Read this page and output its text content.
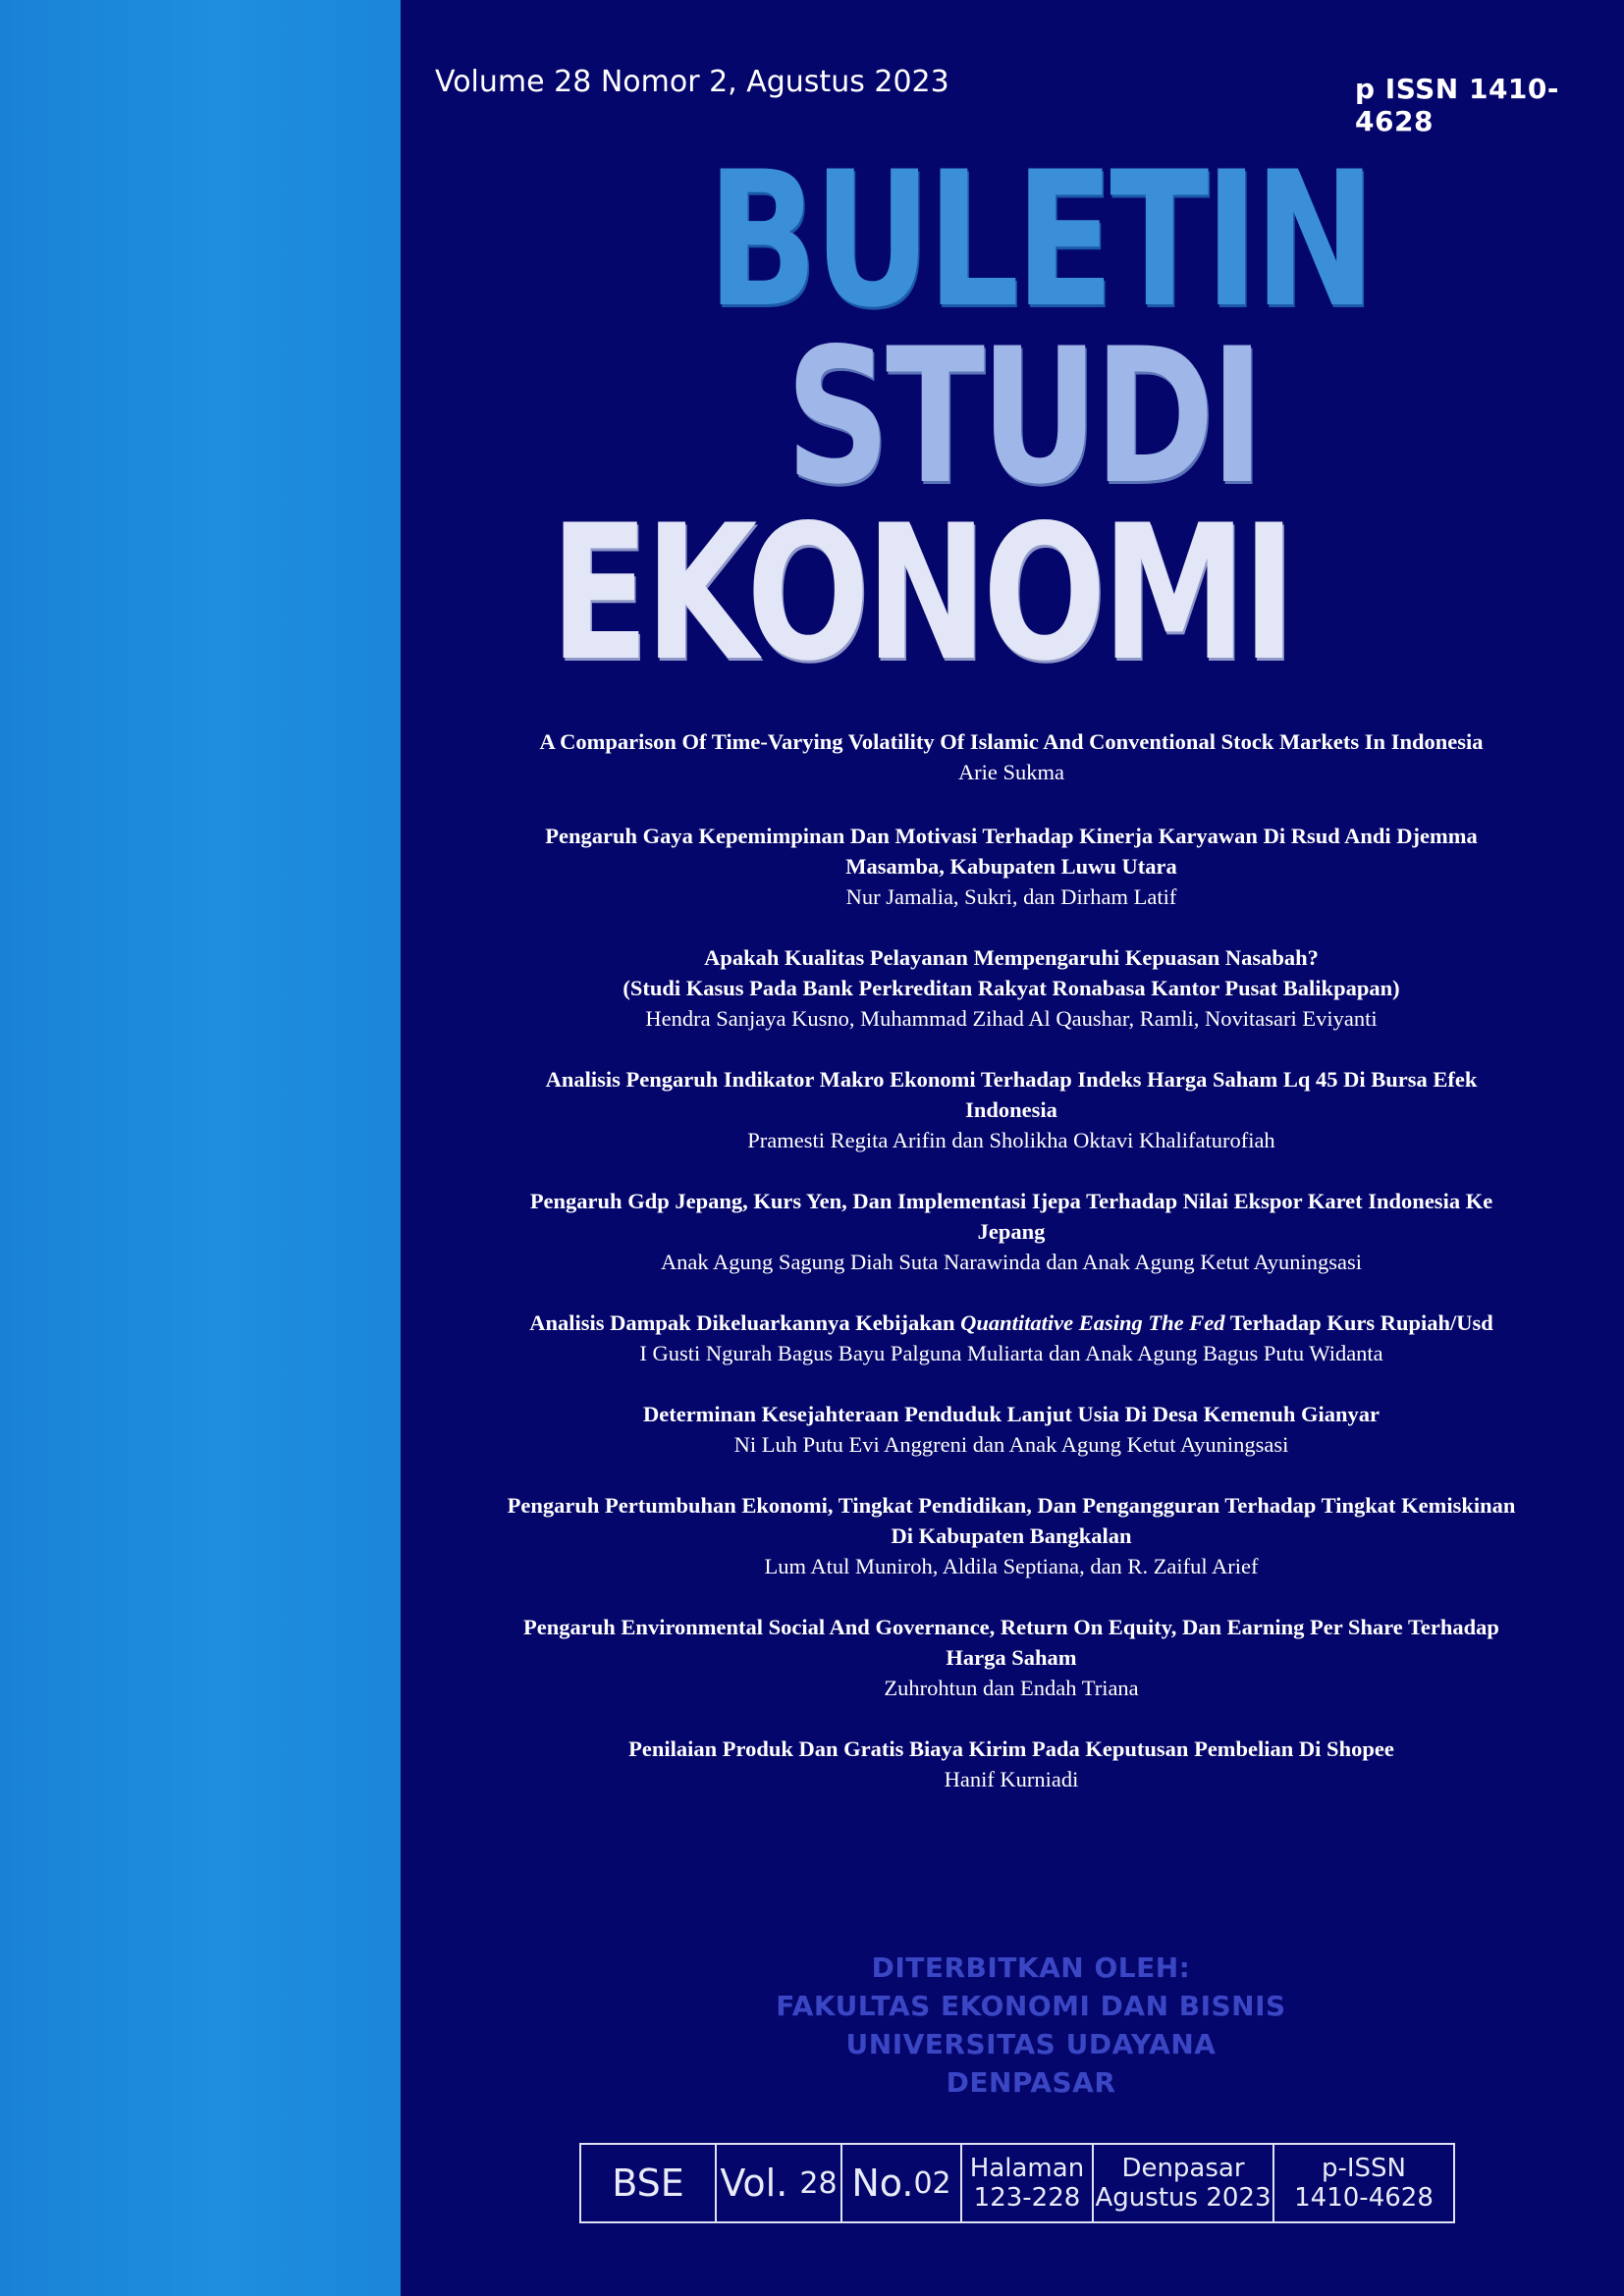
Volume 28 Nomor 2, Agustus 2023	p ISSN 1410-4628
BULETIN
STUDI
EKONOMI
A Comparison Of Time-Varying Volatility Of Islamic And Conventional Stock Markets In Indonesia
Arie Sukma
Pengaruh Gaya Kepemimpinan Dan Motivasi Terhadap Kinerja Karyawan Di Rsud Andi Djemma
Masamba, Kabupaten Luwu Utara
Nur Jamalia, Sukri, dan Dirham Latif
Apakah Kualitas Pelayanan Mempengaruhi Kepuasan Nasabah?
(Studi Kasus Pada Bank Perkreditan Rakyat Ronabasa Kantor Pusat Balikpapan)
Hendra Sanjaya Kusno, Muhammad Zihad Al Qaushar, Ramli, Novitasari Eviyanti
Analisis Pengaruh Indikator Makro Ekonomi Terhadap Indeks Harga Saham Lq 45 Di Bursa Efek
Indonesia
Pramesti Regita Arifin dan Sholikha Oktavi Khalifaturofiah
Pengaruh Gdp Jepang, Kurs Yen, Dan Implementasi Ijepa Terhadap Nilai Ekspor Karet Indonesia Ke
Jepang
Anak Agung Sagung Diah Suta Narawinda dan Anak Agung Ketut Ayuningsasi
Analisis Dampak Dikeluarkannya Kebijakan Quantitative Easing The Fed Terhadap Kurs Rupiah/Usd
I Gusti Ngurah Bagus Bayu Palguna Muliarta dan Anak Agung Bagus Putu Widanta
Determinan Kesejahteraan Penduduk Lanjut Usia Di Desa Kemenuh Gianyar
Ni Luh Putu Evi Anggreni dan Anak Agung Ketut Ayuningsasi
Pengaruh Pertumbuhan Ekonomi, Tingkat Pendidikan, Dan Pengangguran Terhadap Tingkat Kemiskinan
Di Kabupaten Bangkalan
Lum Atul Muniroh, Aldila Septiana, dan R. Zaiful Arief
Pengaruh Environmental Social And Governance, Return On Equity, Dan Earning Per Share Terhadap
Harga Saham
Zuhrohtun dan Endah Triana
Penilaian Produk Dan Gratis Biaya Kirim Pada Keputusan Pembelian Di Shopee
Hanif Kurniadi
DITERBITKAN OLEH:
FAKULTAS EKONOMI DAN BISNIS
UNIVERSITAS UDAYANA
DENPASAR
BSE Vol.
28 No. 02 Halaman
123-228
Denpasar
Agustus 2023
p-ISSN
1410-4628
